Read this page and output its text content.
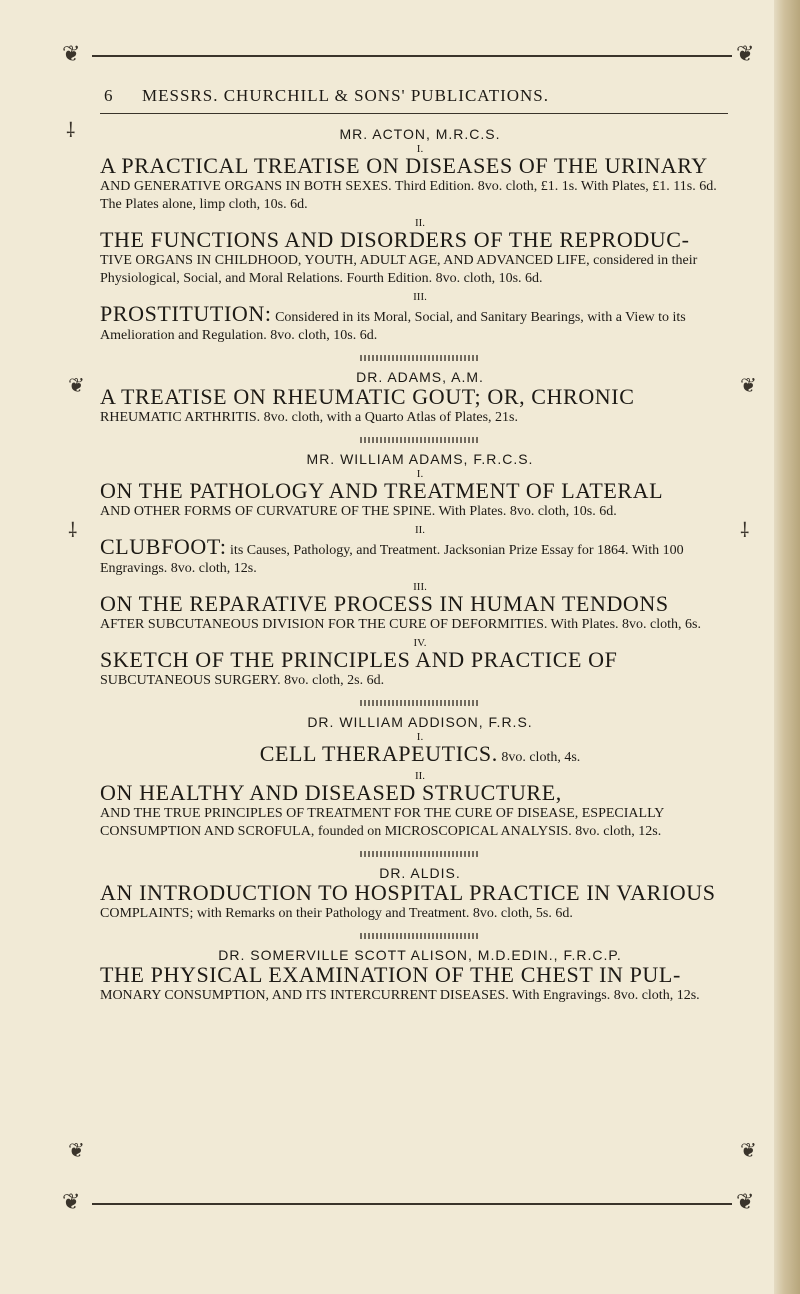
❦	❦
6 MESSRS. CHURCHILL & SONS' PUBLICATIONS.
⸸
❦
⸸
❦
⸸
❦	❦
MR. ACTON, M.R.C.S.
I.
A PRACTICAL TREATISE ON DISEASES OF THE URINARY
AND GENERATIVE ORGANS IN BOTH SEXES. Third Edition. 8vo. cloth, £1. 1s. With Plates, £1. 11s. 6d. The Plates alone, limp cloth, 10s. 6d.
II.
THE FUNCTIONS AND DISORDERS OF THE REPRODUC-
TIVE ORGANS IN CHILDHOOD, YOUTH, ADULT AGE, AND ADVANCED LIFE, considered in their Physiological, Social, and Moral Relations. Fourth Edition. 8vo. cloth, 10s. 6d.
III.
PROSTITUTION: Considered in its Moral, Social, and Sanitary Bearings, with a View to its Amelioration and Regulation. 8vo. cloth, 10s. 6d.
DR. ADAMS, A.M.
A TREATISE ON RHEUMATIC GOUT; OR, CHRONIC
RHEUMATIC ARTHRITIS. 8vo. cloth, with a Quarto Atlas of Plates, 21s.
MR. WILLIAM ADAMS, F.R.C.S.
I.
ON THE PATHOLOGY AND TREATMENT OF LATERAL
AND OTHER FORMS OF CURVATURE OF THE SPINE. With Plates. 8vo. cloth, 10s. 6d.
II.
CLUBFOOT: its Causes, Pathology, and Treatment. Jacksonian Prize Essay for 1864. With 100 Engravings. 8vo. cloth, 12s.
III.
ON THE REPARATIVE PROCESS IN HUMAN TENDONS
AFTER SUBCUTANEOUS DIVISION FOR THE CURE OF DEFORMITIES. With Plates. 8vo. cloth, 6s.
IV.
SKETCH OF THE PRINCIPLES AND PRACTICE OF
SUBCUTANEOUS SURGERY. 8vo. cloth, 2s. 6d.
DR. WILLIAM ADDISON, F.R.S.
I.
CELL THERAPEUTICS. 8vo. cloth, 4s.
II.
ON HEALTHY AND DISEASED STRUCTURE,
AND THE TRUE PRINCIPLES OF TREATMENT FOR THE CURE OF DISEASE, ESPECIALLY CONSUMPTION AND SCROFULA, founded on MICROSCOPICAL ANALYSIS. 8vo. cloth, 12s.
DR. ALDIS.
AN INTRODUCTION TO HOSPITAL PRACTICE IN VARIOUS
COMPLAINTS; with Remarks on their Pathology and Treatment. 8vo. cloth, 5s. 6d.
DR. SOMERVILLE SCOTT ALISON, M.D.EDIN., F.R.C.P.
THE PHYSICAL EXAMINATION OF THE CHEST IN PUL-
MONARY CONSUMPTION, AND ITS INTERCURRENT DISEASES. With Engravings. 8vo. cloth, 12s.
❦	❦
